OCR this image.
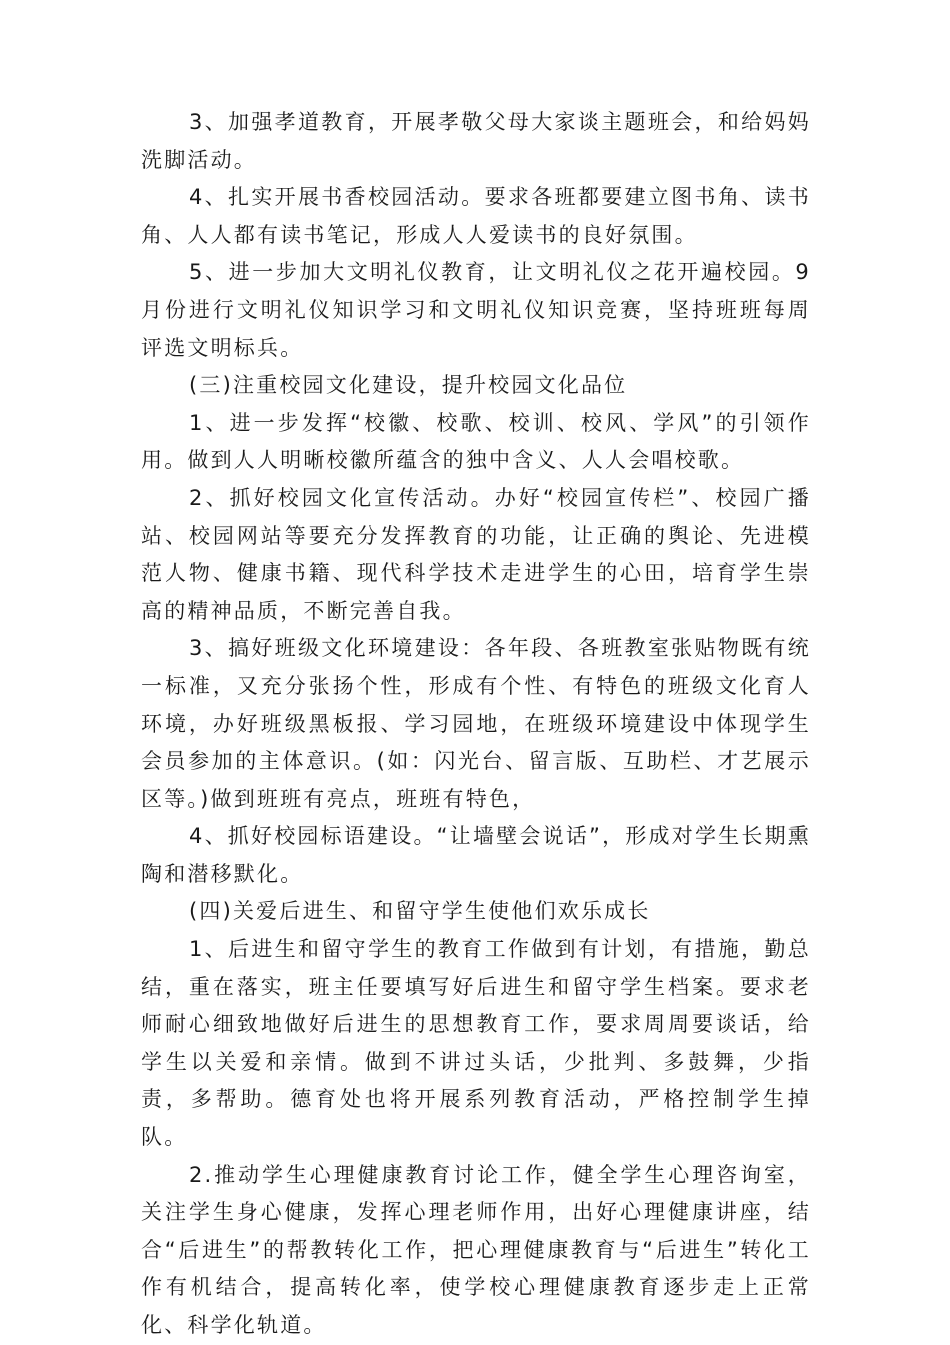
3、加强孝道教育，开展孝敬父母大家谈主题班会，和给妈妈洗脚活动。

4、扎实开展书香校园活动。要求各班都要建立图书角、读书角、人人都有读书笔记，形成人人爱读书的良好氛围。

5、进一步加大文明礼仪教育，让文明礼仪之花开遍校园。9月份进行文明礼仪知识学习和文明礼仪知识竞赛，坚持班班每周评选文明标兵。

(三)注重校园文化建设，提升校园文化品位

1、进一步发挥“校徽、校歌、校训、校风、学风”的引领作用。做到人人明晰校徽所蕴含的独中含义、人人会唱校歌。

2、抓好校园文化宣传活动。办好“校园宣传栏”、校园广播站、校园网站等要充分发挥教育的功能，让正确的舆论、先进模范人物、健康书籍、现代科学技术走进学生的心田，培育学生崇高的精神品质，不断完善自我。

3、搞好班级文化环境建设：各年段、各班教室张贴物既有统一标准，又充分张扬个性，形成有个性、有特色的班级文化育人环境，办好班级黑板报、学习园地，在班级环境建设中体现学生会员参加的主体意识。(如：闪光台、留言版、互助栏、才艺展示区等。)做到班班有亮点，班班有特色，

4、抓好校园标语建设。“让墙壁会说话”，形成对学生长期熏陶和潜移默化。

(四)关爱后进生、和留守学生使他们欢乐成长

1、后进生和留守学生的教育工作做到有计划，有措施，勤总结，重在落实，班主任要填写好后进生和留守学生档案。要求老师耐心细致地做好后进生的思想教育工作，要求周周要谈话，给学生以关爱和亲情。做到不讲过头话，少批判、多鼓舞，少指责，多帮助。德育处也将开展系列教育活动，严格控制学生掉队。

2.推动学生心理健康教育讨论工作，健全学生心理咨询室，关注学生身心健康，发挥心理老师作用，出好心理健康讲座，结合“后进生”的帮教转化工作，把心理健康教育与“后进生”转化工作有机结合，提高转化率，使学校心理健康教育逐步走上正常化、科学化轨道。
